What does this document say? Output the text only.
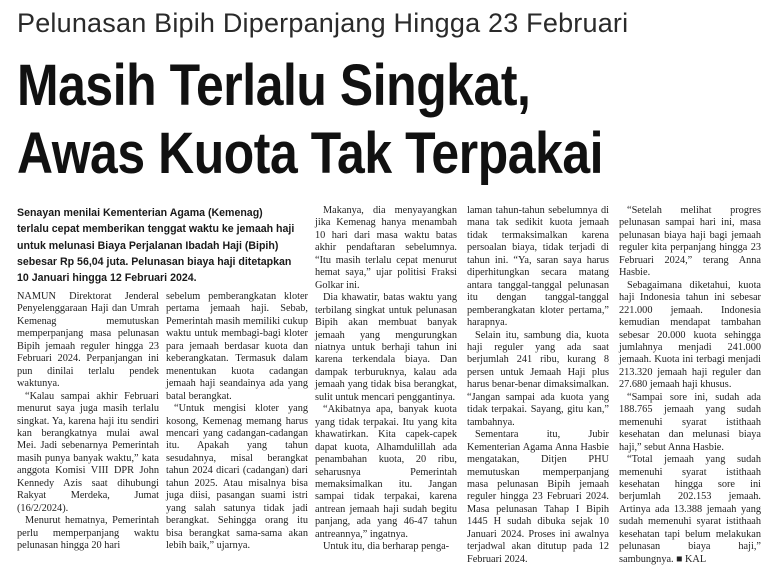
Pelunasan Bipih Diperpanjang Hingga 23 Februari
Masih Terlalu Singkat,
Awas Kuota Tak Terpakai
Senayan menilai Kementerian Agama (Kemenag) terlalu cepat memberikan tenggat waktu ke jemaah haji untuk melunasi Biaya Perjalanan Ibadah Haji (Bipih) sebesar Rp 56,04 juta. Pelunasan biaya haji ditetapkan 10 Januari hingga 12 Februari 2024.

NAMUN Direktorat Jenderal Penyelenggaraan Haji dan Umrah Kemenag memutuskan memperpanjang masa pelunasan Bipih jemaah reguler hingga 23 Februari 2024. Perpanjangan ini pun dinilai terlalu pendek waktunya.

“Kalau sampai akhir Februari menurut saya juga masih terlalu singkat. Ya, karena haji itu sendiri kan berangkatnya mulai awal Mei. Jadi sebenarnya Pemerintah masih punya banyak waktu,” kata anggota Komisi VIII DPR John Kennedy Azis saat dihubungi Rakyat Merdeka, Jumat (16/2/2024).

Menurut hematnya, Pemerintah perlu memperpanjang waktu pelunasan hingga 20 hari

sebelum pemberangkatan kloter pertama jemaah haji. Sebab, Pemerintah masih memiliki cukup waktu untuk membagi-bagi kloter para jemaah berdasar kuota dan keberangkatan. Termasuk dalam menentukan kuota cadangan jemaah haji seandainya ada yang batal berangkat.

“Untuk mengisi kloter yang kosong, Kemenag memang harus mencari yang cadangan-cadangan itu. Apakah yang tahun sesudahnya, misal berangkat tahun 2024 dicari (cadangan) dari tahun 2025. Atau misalnya bisa juga diisi, pasangan suami istri yang salah satunya tidak jadi berangkat. Sehingga orang itu bisa berangkat sama-sama akan lebih baik,” ujarnya.

Makanya, dia menyayangkan jika Kemenag hanya menambah 10 hari dari masa waktu batas akhir pendaftaran sebelumnya. “Itu masih terlalu cepat menurut hemat saya,” ujar politisi Fraksi Golkar ini.

Dia khawatir, batas waktu yang terbilang singkat untuk pelunasan Bipih akan membuat banyak jemaah yang mengurungkan niatnya untuk berhaji tahun ini karena terkendala biaya. Dan dampak terburuknya, kalau ada jemaah yang tidak bisa berangkat, sulit untuk mencari penggantinya.

“Akibatnya apa, banyak kuota yang tidak terpakai. Itu yang kita khawatirkan. Kita capek-capek dapat kuota, Alhamdulillah ada penambahan kuota, 20 ribu, seharusnya Pemerintah memaksimalkan itu. Jangan sampai tidak terpakai, karena antrean jemaah haji sudah begitu panjang, ada yang 46-47 tahun antreannya,” ingatnya.

Untuk itu, dia berharap penga-

laman tahun-tahun sebelumnya di mana tak sedikit kuota jemaah tidak termaksimalkan karena persoalan biaya, tidak terjadi di tahun ini. “Ya, saran saya harus diperhitungkan secara matang antara tanggal-tanggal pelunasan itu dengan tanggal-tanggal pemberangkatan kloter pertama,” harapnya.

Selain itu, sambung dia, kuota haji reguler yang ada saat berjumlah 241 ribu, kurang 8 persen untuk Jemaah Haji plus harus benar-benar dimaksimalkan. “Jangan sampai ada kuota yang tidak terpakai. Sayang, gitu kan,” tambahnya.

Sementara itu, Jubir Kementerian Agama Anna Hasbie mengatakan, Ditjen PHU memutuskan memperpanjang masa pelunasan Bipih jemaah reguler hingga 23 Februari 2024. Masa pelunasan Tahap I Bipih 1445 H sudah dibuka sejak 10 Januari 2024. Proses ini awalnya terjadwal akan ditutup pada 12 Februari 2024.

“Setelah melihat progres pelunasan sampai hari ini, masa pelunasan biaya haji bagi jemaah reguler kita perpanjang hingga 23 Februari 2024,” terang Anna Hasbie.

Sebagaimana diketahui, kuota haji Indonesia tahun ini sebesar 221.000 jemaah. Indonesia kemudian mendapat tambahan sebesar 20.000 kuota sehingga jumlahnya menjadi 241.000 jemaah. Kuota ini terbagi menjadi 213.320 jemaah haji reguler dan 27.680 jemaah haji khusus.

“Sampai sore ini, sudah ada 188.765 jemaah yang sudah memenuhi syarat istithaah kesehatan dan melunasi biaya haji,” sebut Anna Hasbie.

“Total jemaah yang sudah memenuhi syarat istithaah kesehatan hingga sore ini berjumlah 202.153 jemaah. Artinya ada 13.388 jemaah yang sudah memenuhi syarat istithaah kesehatan tapi belum melakukan pelunasan biaya haji,” sambungnya. ■ KAL
